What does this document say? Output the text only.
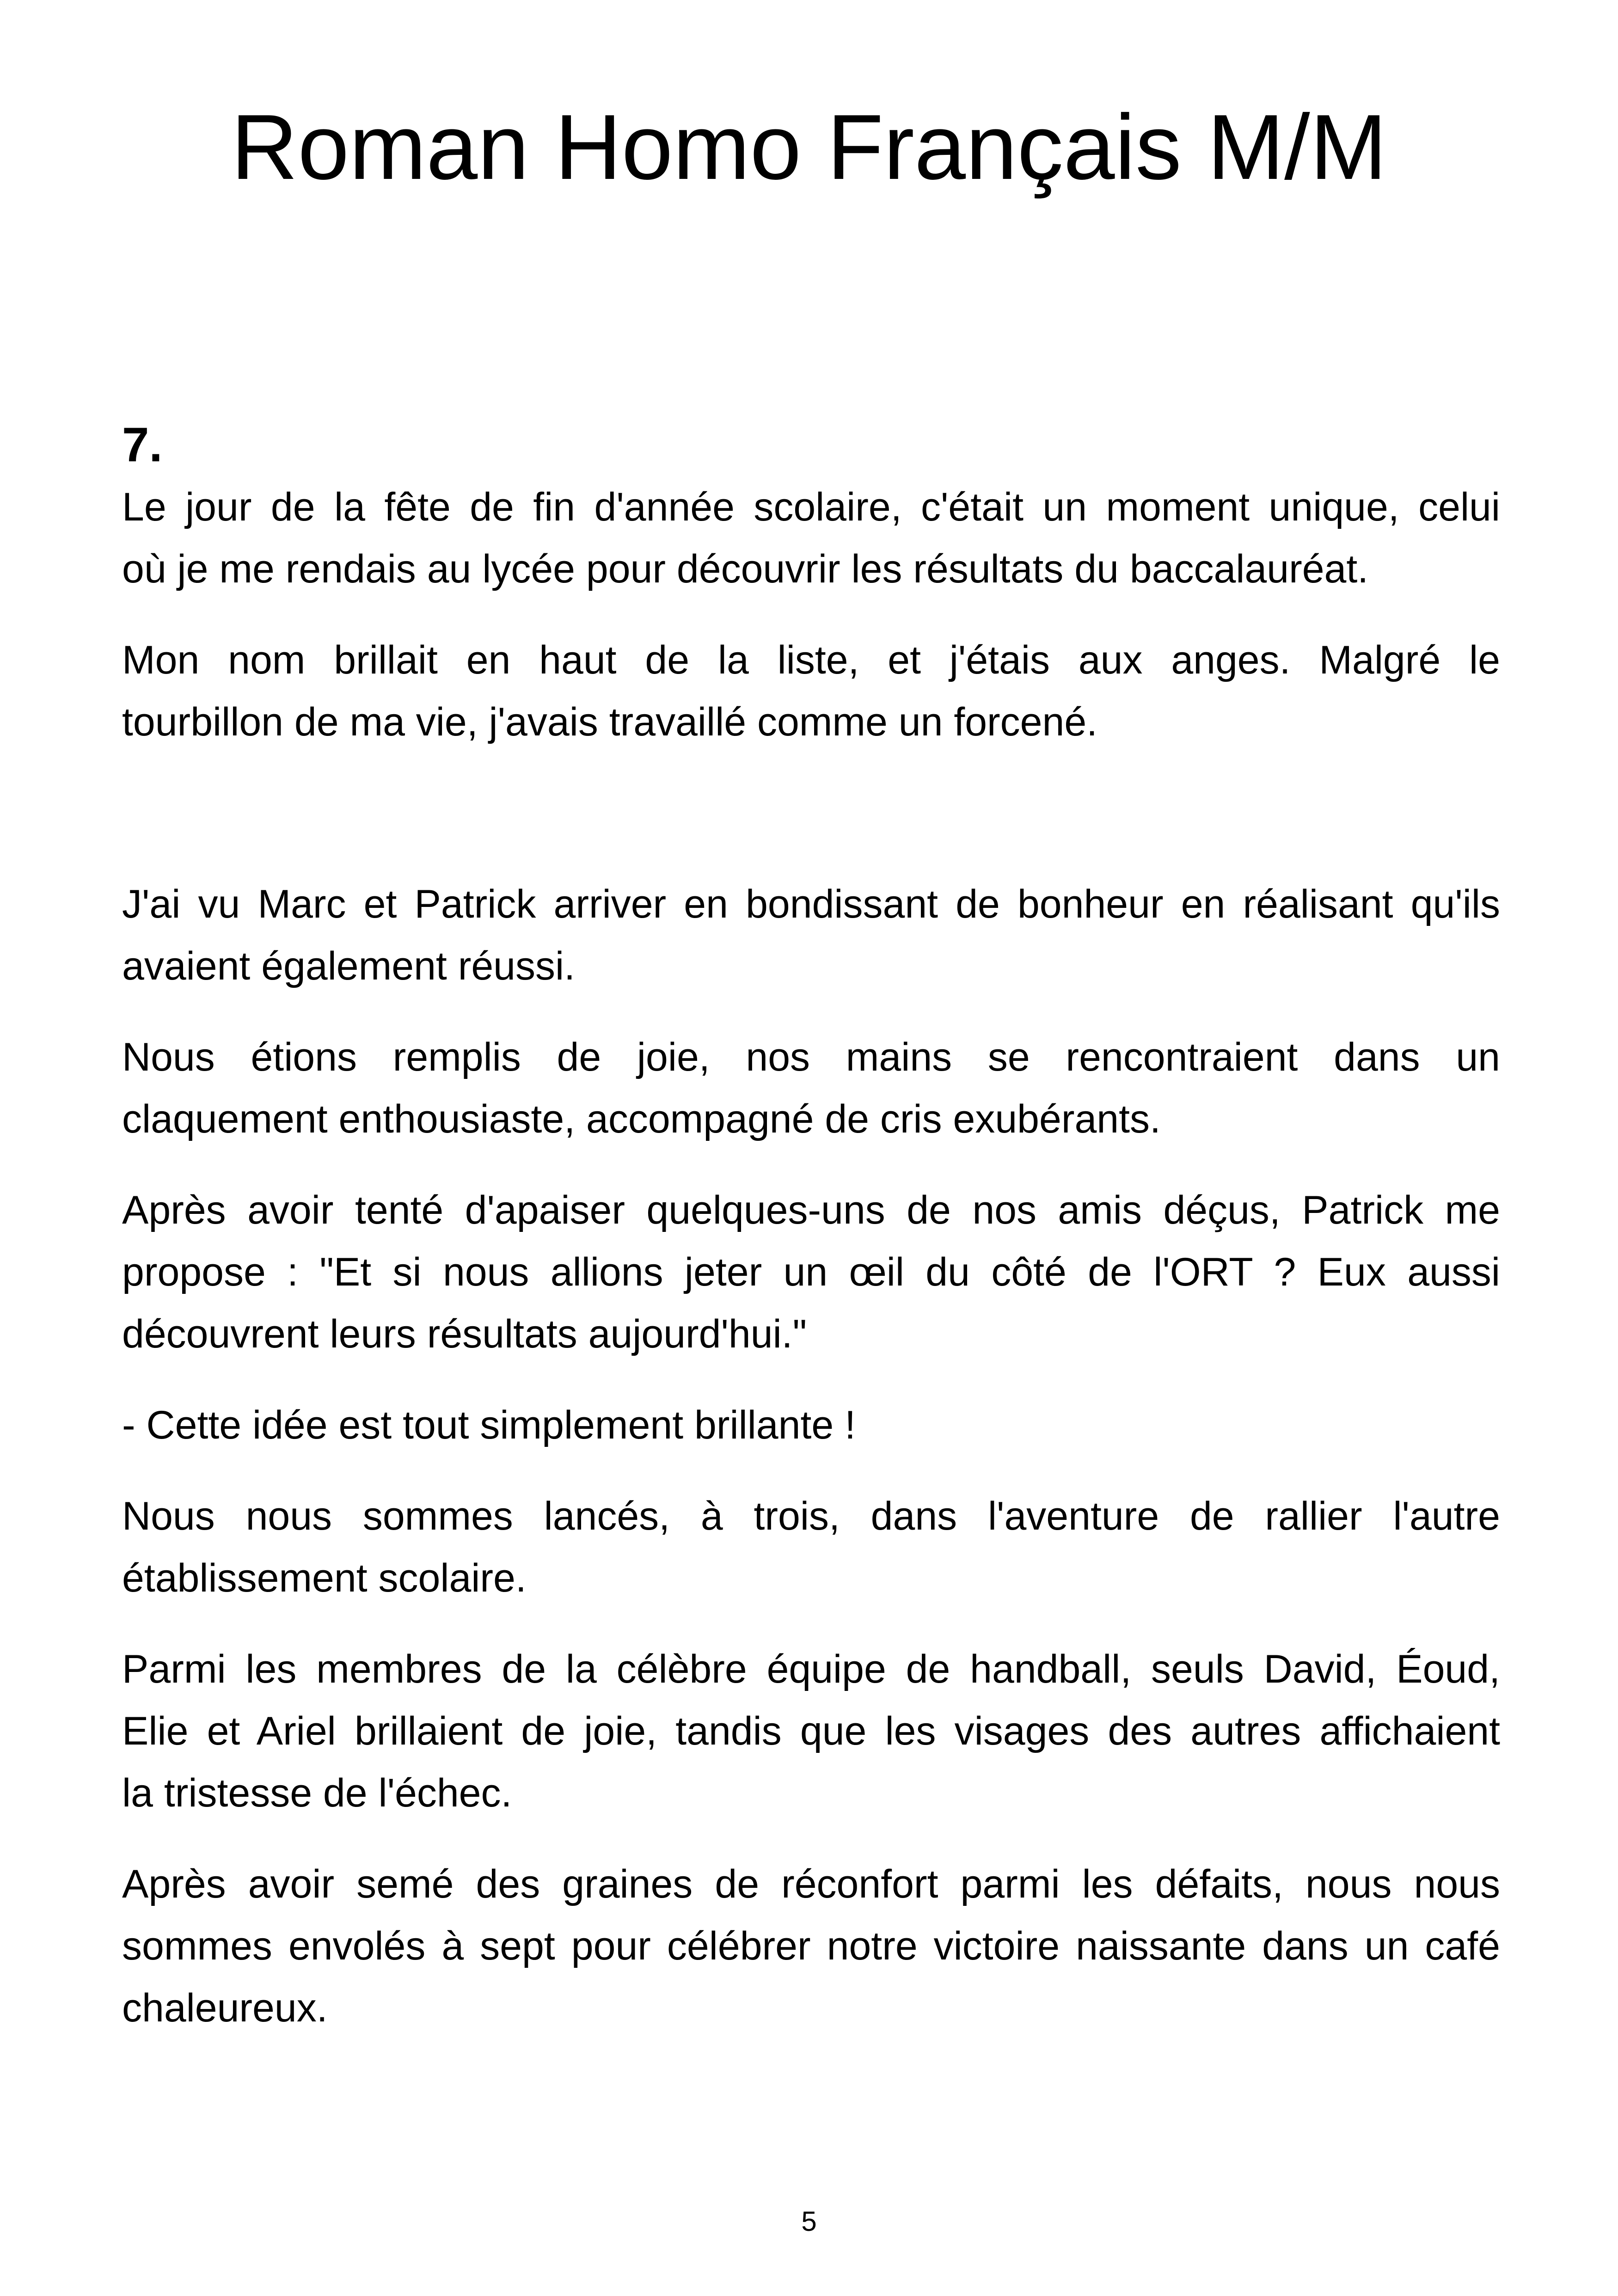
Roman Homo Français M/M
7.
Le jour de la fête de fin d'année scolaire, c'était un moment unique, celui
où je me rendais au lycée pour découvrir les résultats du baccalauréat.
Mon nom brillait en haut de la liste, et j'étais aux anges. Malgré le
tourbillon de ma vie, j'avais travaillé comme un forcené.
J'ai vu Marc et Patrick arriver en bondissant de bonheur en réalisant qu'ils
avaient également réussi.
Nous étions remplis de joie, nos mains se rencontraient dans un
claquement enthousiaste, accompagné de cris exubérants.
Après avoir tenté d'apaiser quelques-uns de nos amis déçus, Patrick me
propose : "Et si nous allions jeter un œil du côté de l'ORT ? Eux aussi
découvrent leurs résultats aujourd'hui."
- Cette idée est tout simplement brillante !
Nous nous sommes lancés, à trois, dans l'aventure de rallier l'autre
établissement scolaire.
Parmi les membres de la célèbre équipe de handball, seuls David, Éoud,
Elie et Ariel brillaient de joie, tandis que les visages des autres affichaient
la tristesse de l'échec.
Après avoir semé des graines de réconfort parmi les défaits, nous nous
sommes envolés à sept pour célébrer notre victoire naissante dans un café
chaleureux.
5
